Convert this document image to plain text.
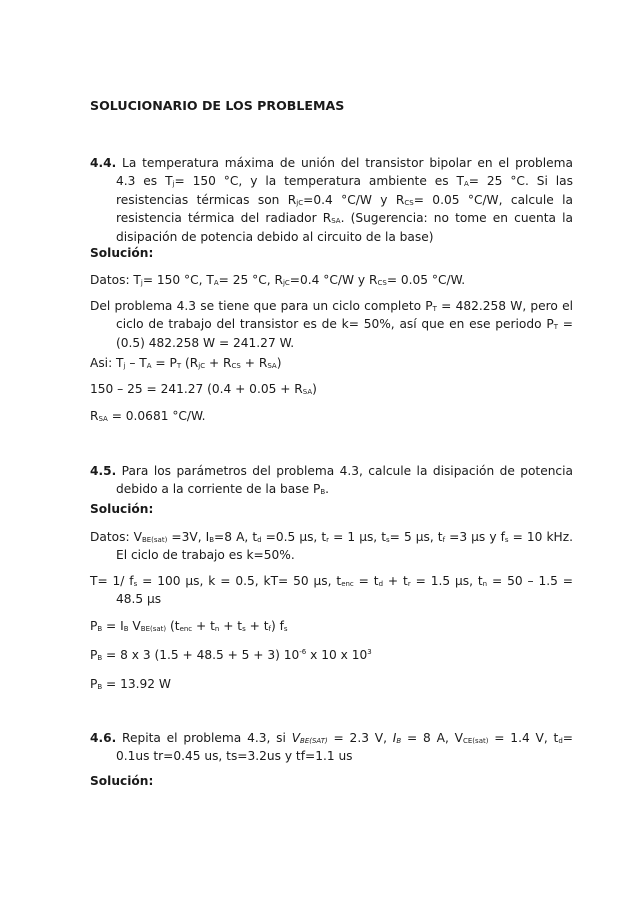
SOLUCIONARIO DE LOS PROBLEMAS

4.4. La temperatura máxima de unión del transistor bipolar en el problema 4.3 es $T_j= 150$ °C, y la temperatura ambiente es $T_A= 25$ °C. Si las resistencias térmicas son $R_{jC}=0.4$ °C/W y $R_{CS}= 0.05$ °C/W, calcule la resistencia térmica del radiador $R_{SA}$. (Sugerencia: no tome en cuenta la disipación de potencia debido al circuito de la base)

Solución:

Datos: $T_j= 150$ °C, $T_A= 25$ °C, $R_{jC}=0.4$ °C/W y $R_{CS}= 0.05$ °C/W.

Del problema 4.3 se tiene que para un ciclo completo $P_T = 482.258$ W, pero el ciclo de trabajo del transistor es de k= 50%, así que en ese periodo $P_T = (0.5)$ 482.258 W = 241.27 W.

Asi: $T_j - T_A = P_T$ $(R_{jC} + R_{CS} + R_{SA})$

150 – 25 = 241.27 $(0.4 + 0.05 + R_{SA})$

$R_{SA} = 0.0681$ °C/W.

4.5. Para los parámetros del problema 4.3, calcule la disipación de potencia debido a la corriente de la base $P_B$.

Solución:

Datos: $V_{BE(sat)} =3V$, $I_B=8$ A, $t_d =0.5$ µs, $t_r = 1$ µs, $t_s= 5$ µs, $t_f =3$ µs y $f_s = 10$ kHz. El ciclo de trabajo es k=50%.

T= 1/ $f_s = 100$ µs, k = 0.5, kT= 50 µs, $t_{enc} = t_d + t_r = 1.5$ µs, $t_n = 50 - 1.5 = 48.5$ µs

$P_B = I_B$ $V_{BE(sat)}$ $(t_{enc} + t_n + t_s + t_f)$ $f_s$

$P_B = 8$ x 3 (1.5 + 48.5 + 5 + 3) $10^{-6}$ x 10 x $10^3$

$P_B = 13.92$ W

4.6. Repita el problema 4.3, si $V_{BE(SAT)} = 2.3$ V, $I_B = 8$ A, $V_{CE(sat)} = 1.4$ V, $t_d= 0.1us$ tr=0.45 us, ts=3.2us y tf=1.1 us

Solución:
